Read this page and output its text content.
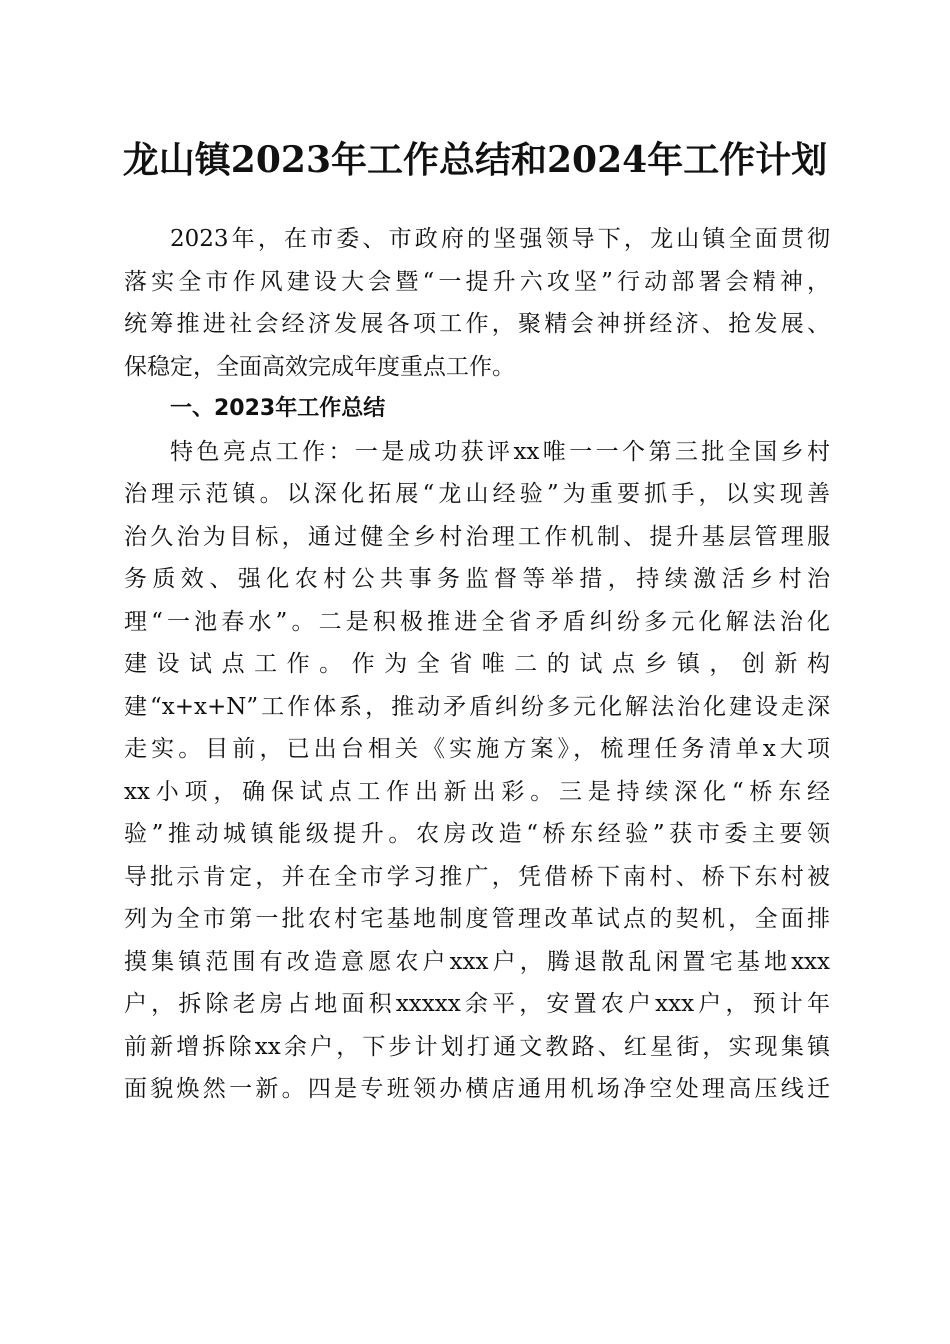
龙山镇2023年工作总结和2024年工作计划
2023年，在市委、市政府的坚强领导下，龙山镇全面贯彻
落实全市作风建设大会暨“一提升六攻坚”行动部署会精神，
统筹推进社会经济发展各项工作，聚精会神拼经济、抢发展、
保稳定，全面高效完成年度重点工作。
一、2023年工作总结
特色亮点工作：一是成功获评xx唯一一个第三批全国乡村
治理示范镇。以深化拓展“龙山经验”为重要抓手，以实现善
治久治为目标，通过健全乡村治理工作机制、提升基层管理服
务质效、强化农村公共事务监督等举措，持续激活乡村治
理“一池春水”。二是积极推进全省矛盾纠纷多元化解法治化
建设试点工作。作为全省唯二的试点乡镇，创新构
建“x+x+N”工作体系，推动矛盾纠纷多元化解法治化建设走深
走实。目前，已出台相关《实施方案》，梳理任务清单x大项
xx小项，确保试点工作出新出彩。三是持续深化“桥东经
验”推动城镇能级提升。农房改造“桥东经验”获市委主要领
导批示肯定，并在全市学习推广，凭借桥下南村、桥下东村被
列为全市第一批农村宅基地制度管理改革试点的契机，全面排
摸集镇范围有改造意愿农户xxx户，腾退散乱闲置宅基地xxx
户，拆除老房占地面积xxxxx余平，安置农户xxx户，预计年
前新增拆除xx余户，下步计划打通文教路、红星街，实现集镇
面貌焕然一新。四是专班领办横店通用机场净空处理高压线迁
